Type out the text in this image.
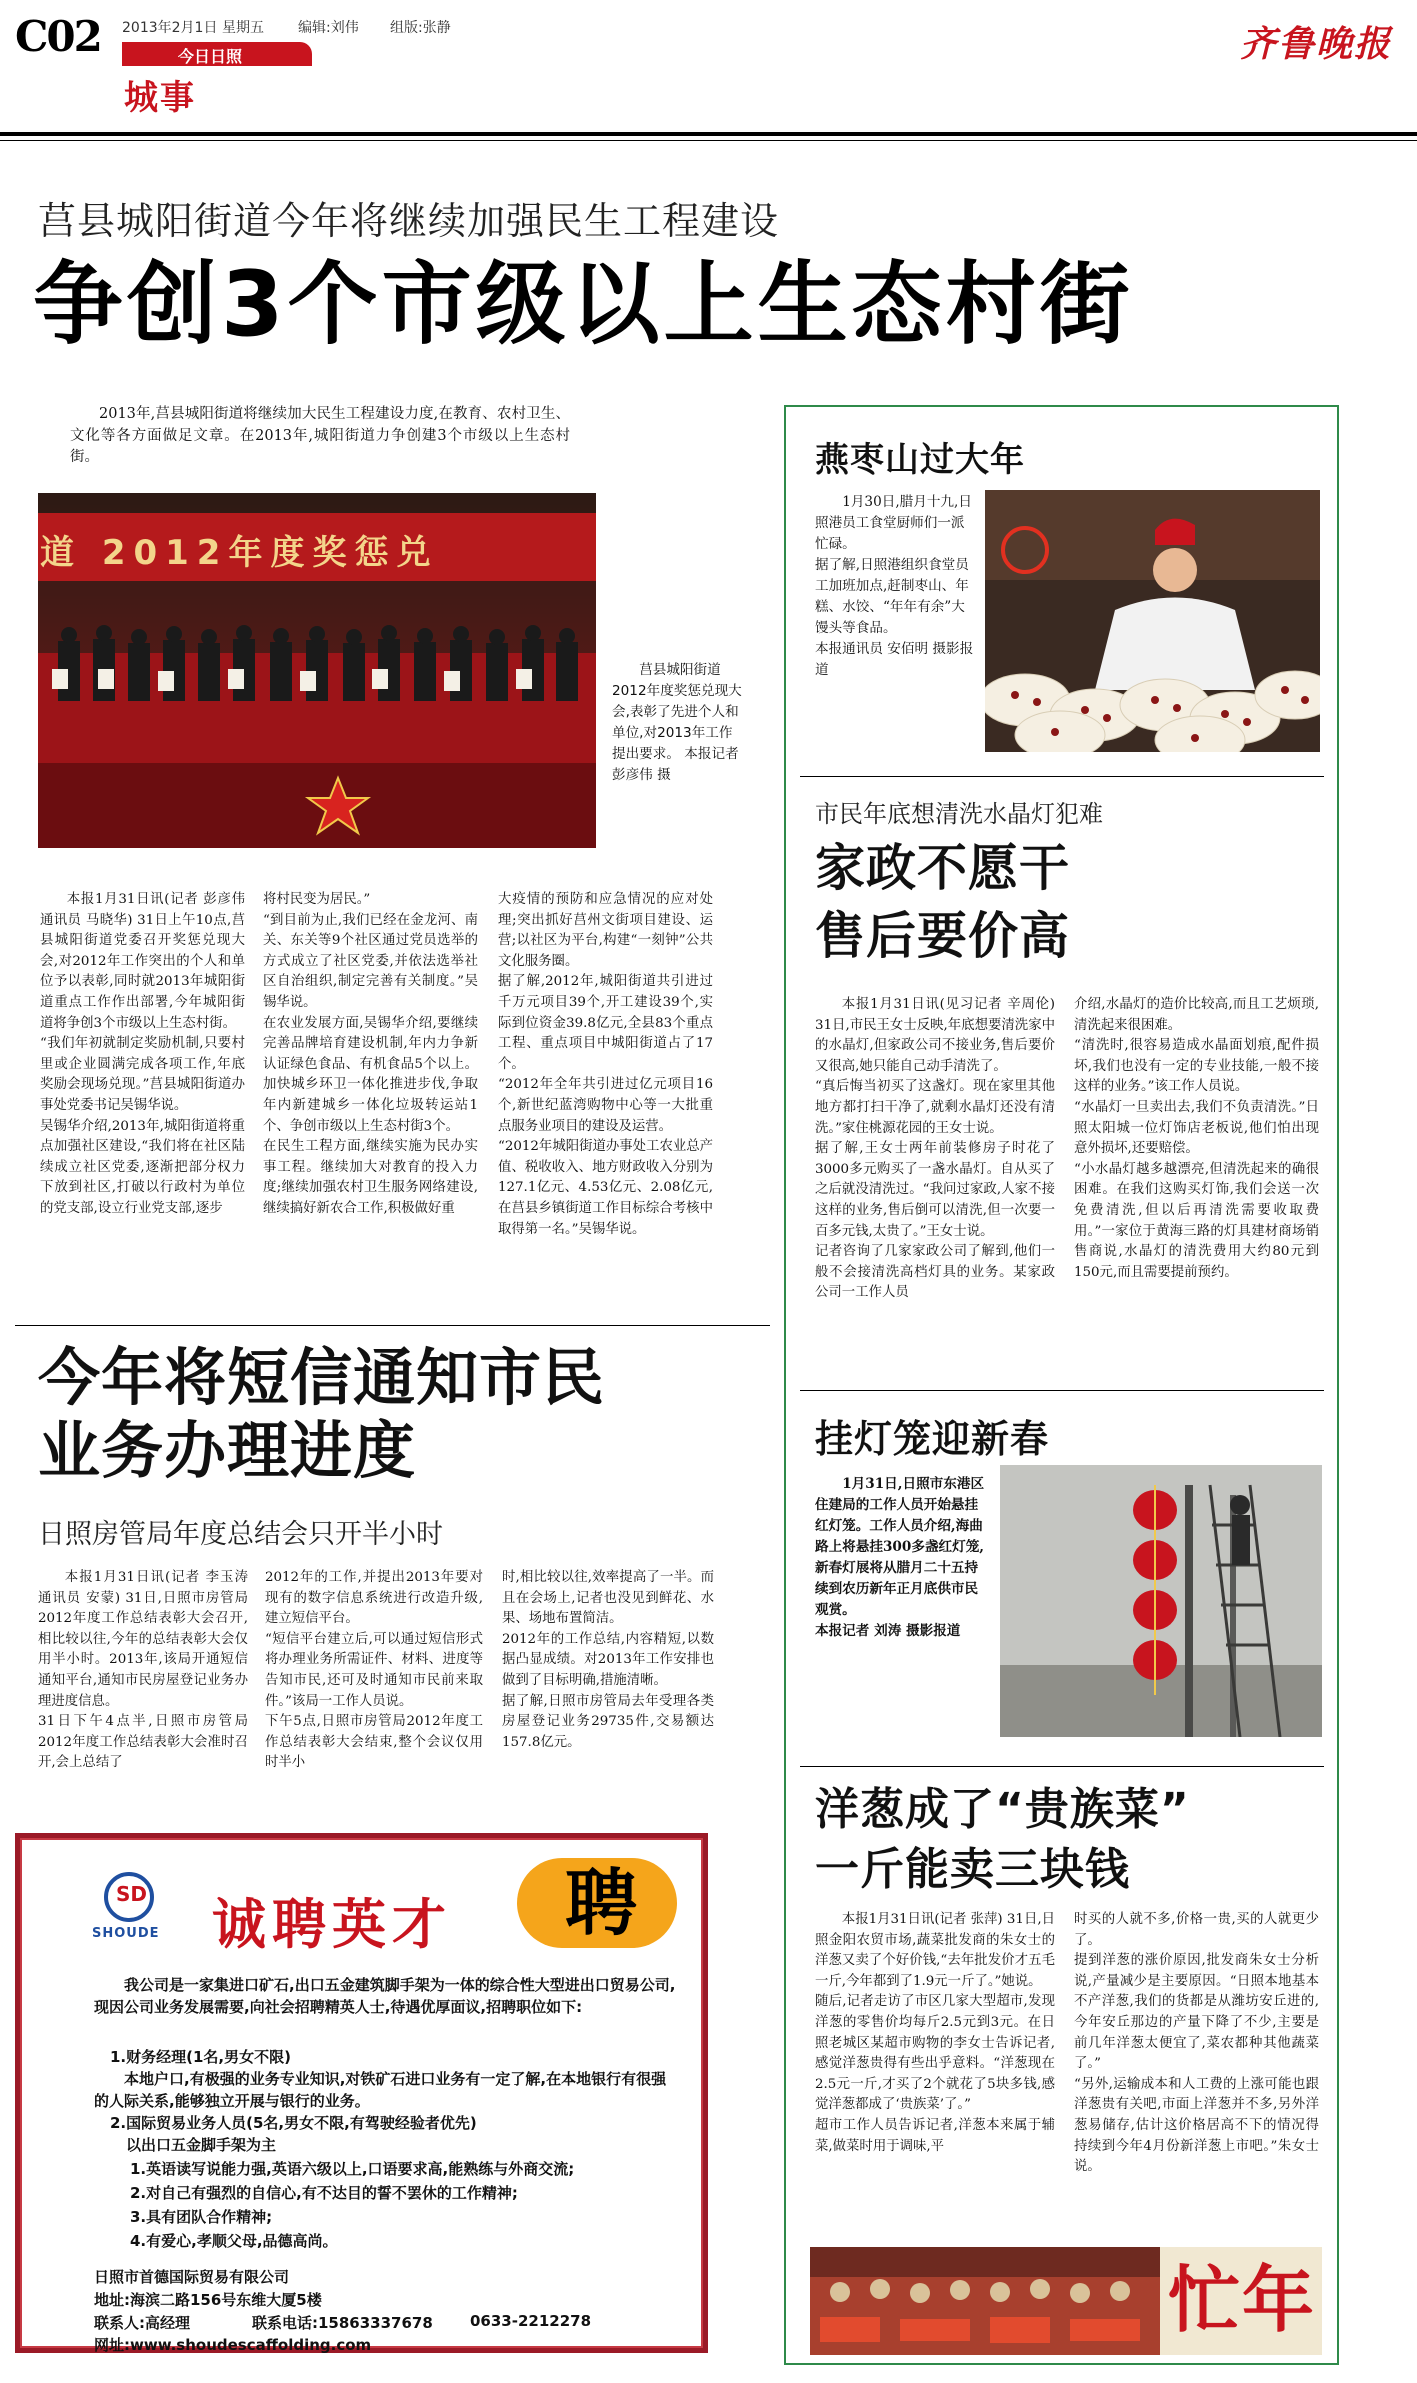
C02 2013年2月1日 星期五 编辑:刘伟 组版:张静
今日日照
城事
齐鲁晚报
莒县城阳街道今年将继续加强民生工程建设
争创3个市级以上生态村街
2013年,莒县城阳街道将继续加大民生工程建设力度,在教育、农村卫生、文化等各方面做足文章。在2013年,城阳街道力争创建3个市级以上生态村街。
道 2012年度奖惩兑
莒县城阳街道2012年度奖惩兑现大会,表彰了先进个人和单位,对2013年工作提出要求。 本报记者 彭彦伟 摄
本报1月31日讯(记者 彭彦伟 通讯员 马晓华) 31日上午10点,莒县城阳街道党委召开奖惩兑现大会,对2012年工作突出的个人和单位予以表彰,同时就2013年城阳街道重点工作作出部署,今年城阳街道将争创3个市级以上生态村街。
“我们年初就制定奖励机制,只要村里或企业圆满完成各项工作,年底奖励会现场兑现。”莒县城阳街道办事处党委书记吴锡华说。
吴锡华介绍,2013年,城阳街道将重点加强社区建设,“我们将在社区陆续成立社区党委,逐渐把部分权力下放到社区,打破以行政村为单位的党支部,设立行业党支部,逐步
将村民变为居民。”
“到目前为止,我们已经在金龙河、南关、东关等9个社区通过党员选举的方式成立了社区党委,并依法选举社区自治组织,制定完善有关制度。”吴锡华说。
在农业发展方面,吴锡华介绍,要继续完善品牌培育建设机制,年内力争新认证绿色食品、有机食品5个以上。加快城乡环卫一体化推进步伐,争取年内新建城乡一体化垃圾转运站1个、争创市级以上生态村街3个。
在民生工程方面,继续实施为民办实事工程。继续加大对教育的投入力度;继续加强农村卫生服务网络建设,继续搞好新农合工作,积极做好重
大疫情的预防和应急情况的应对处理;突出抓好莒州文街项目建设、运营;以社区为平台,构建“一刻钟”公共文化服务圈。
据了解,2012年,城阳街道共引进过千万元项目39个,开工建设39个,实际到位资金39.8亿元,全县83个重点工程、重点项目中城阳街道占了17个。
“2012年全年共引进过亿元项目16个,新世纪蓝湾购物中心等一大批重点服务业项目的建设及运营。
“2012年城阳街道办事处工农业总产值、税收收入、地方财政收入分别为127.1亿元、4.53亿元、2.08亿元,在莒县乡镇街道工作目标综合考核中取得第一名。”吴锡华说。
今年将短信通知市民
业务办理进度
日照房管局年度总结会只开半小时
本报1月31日讯(记者 李玉涛 通讯员 安蒙) 31日,日照市房管局2012年度工作总结表彰大会召开,相比较以往,今年的总结表彰大会仅用半小时。2013年,该局开通短信通知平台,通知市民房屋登记业务办理进度信息。
31日下午4点半,日照市房管局2012年度工作总结表彰大会准时召开,会上总结了
2012年的工作,并提出2013年要对现有的数字信息系统进行改造升级,建立短信平台。
“短信平台建立后,可以通过短信形式将办理业务所需证件、材料、进度等告知市民,还可及时通知市民前来取件。”该局一工作人员说。
下午5点,日照市房管局2012年度工作总结表彰大会结束,整个会议仅用时半小
时,相比较以往,效率提高了一半。而且在会场上,记者也没见到鲜花、水果、场地布置简洁。
2012年的工作总结,内容精短,以数据凸显成绩。对2013年工作安排也做到了目标明确,措施清晰。
据了解,日照市房管局去年受理各类房屋登记业务29735件,交易额达157.8亿元。
SD
SHOUDE 诚聘英才 聘
我公司是一家集进口矿石,出口五金建筑脚手架为一体的综合性大型进出口贸易公司,现因公司业务发展需要,向社会招聘精英人士,待遇优厚面议,招聘职位如下:
1.财务经理(1名,男女不限)
本地户口,有极强的业务专业知识,对铁矿石进口业务有一定了解,在本地银行有很强的人际关系,能够独立开展与银行的业务。
2.国际贸易业务人员(5名,男女不限,有驾驶经验者优先)
以出口五金脚手架为主
1.英语读写说能力强,英语六级以上,口语要求高,能熟练与外商交流;
2.对自己有强烈的自信心,有不达目的誓不罢休的工作精神;
3.具有团队合作精神;
4.有爱心,孝顺父母,品德高尚。
日照市首德国际贸易有限公司
地址:海滨二路156号东维大厦5楼
联系人:高经理	联系电话:15863337678 0633-2212278
网址:www.shoudescaffolding.com
燕枣山过大年
1月30日,腊月十九,日照港员工食堂厨师们一派忙碌。
据了解,日照港组织食堂员工加班加点,赶制枣山、年糕、水饺、“年年有余”大馒头等食品。
本报通讯员 安佰明 摄影报道
市民年底想清洗水晶灯犯难
家政不愿干
售后要价高
本报1月31日讯(见习记者 辛周伦) 31日,市民王女士反映,年底想要清洗家中的水晶灯,但家政公司不接业务,售后要价又很高,她只能自己动手清洗了。
“真后悔当初买了这盏灯。现在家里其他地方都打扫干净了,就剩水晶灯还没有清洗。”家住桃源花园的王女士说。
据了解,王女士两年前装修房子时花了3000多元购买了一盏水晶灯。自从买了之后就没清洗过。“我问过家政,人家不接这样的业务,售后倒可以清洗,但一次要一百多元钱,太贵了。”王女士说。
记者咨询了几家家政公司了解到,他们一般不会接清洗高档灯具的业务。某家政公司一工作人员
介绍,水晶灯的造价比较高,而且工艺烦琐,清洗起来很困难。
“清洗时,很容易造成水晶面划痕,配件损坏,我们也没有一定的专业技能,一般不接这样的业务。”该工作人员说。
“水晶灯一旦卖出去,我们不负责清洗。”日照太阳城一位灯饰店老板说,他们怕出现意外损坏,还要赔偿。
“小水晶灯越多越漂亮,但清洗起来的确很困难。在我们这购买灯饰,我们会送一次免费清洗,但以后再清洗需要收取费用。”一家位于黄海三路的灯具建材商场销售商说,水晶灯的清洗费用大约80元到150元,而且需要提前预约。
挂灯笼迎新春
1月31日,日照市东港区住建局的工作人员开始悬挂红灯笼。工作人员介绍,海曲路上将悬挂300多盏红灯笼,新春灯展将从腊月二十五持续到农历新年正月底供市民观赏。
本报记者 刘涛 摄影报道
洋葱成了“贵族菜”
一斤能卖三块钱
本报1月31日讯(记者 张萍) 31日,日照金阳农贸市场,蔬菜批发商的朱女士的洋葱又卖了个好价钱,“去年批发价才五毛一斤,今年都到了1.9元一斤了。”她说。
随后,记者走访了市区几家大型超市,发现洋葱的零售价均每斤2.5元到3元。在日照老城区某超市购物的李女士告诉记者,感觉洋葱贵得有些出乎意料。“洋葱现在2.5元一斤,才买了2个就花了5块多钱,感觉洋葱都成了‘贵族菜’了。”
超市工作人员告诉记者,洋葱本来属于辅菜,做菜时用于调味,平
时买的人就不多,价格一贵,买的人就更少了。
提到洋葱的涨价原因,批发商朱女士分析说,产量减少是主要原因。“日照本地基本不产洋葱,我们的货都是从潍坊安丘进的,今年安丘那边的产量下降了不少,主要是前几年洋葱太便宜了,菜农都种其他蔬菜了。”
“另外,运输成本和人工费的上涨可能也跟洋葱贵有关吧,市面上洋葱并不多,另外洋葱易储存,估计这价格居高不下的情况得持续到今年4月份新洋葱上市吧。”朱女士说。
忙年
